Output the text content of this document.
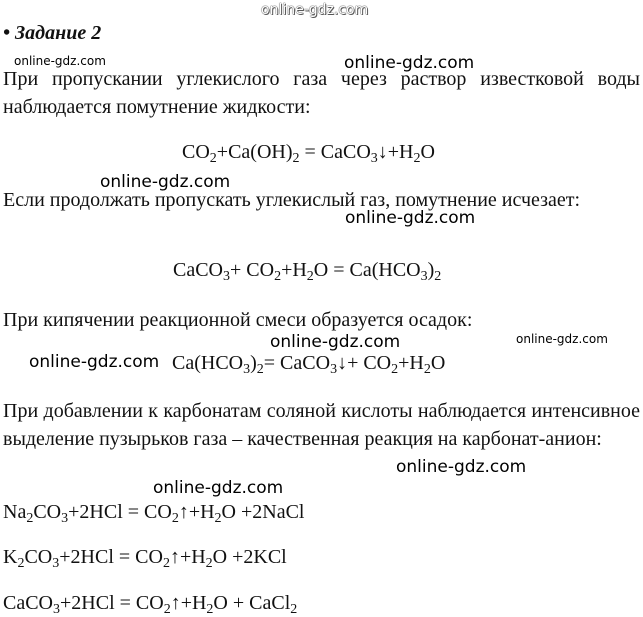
online-gdz.com
online-gdz.com	online-gdz.com
online-gdz.com
online-gdz.com
online-gdz.com
online-gdz.com
online-gdz.com
online-gdz.com
online-gdz.com
• Задание 2
При пропускании углекислого газа через раствор известковой воды наблюдается помутнение жидкости:
$CO_2+Ca(OH)_2$ = $CaCO_3↓+H_2O$
Если продолжать пропускать углекислый газ, помутнение исчезает:
CaCO$_3$+ $CO_2+H_2O = Ca(HCO_3)_2$
При кипячении реакционной смеси образуется осадок:
$Ca(HCO_3)_2=$ CaCO$_3$↓+ $CO_2+H_2O$
При добавлении к карбонатам соляной кислоты наблюдается интенсивное выделение пузырьков газа – качественная реакция на карбонат-анион:
$Na_2CO_3+2HCl$ = $CO_2↑+H_2O$ +2NaCl
$K_2CO_3+2HCl$ = $CO_2↑+H_2O +2KCl$
CaCO$_3$+2HCl = $CO_2↑+H_2O$ + CaCl$_2$
